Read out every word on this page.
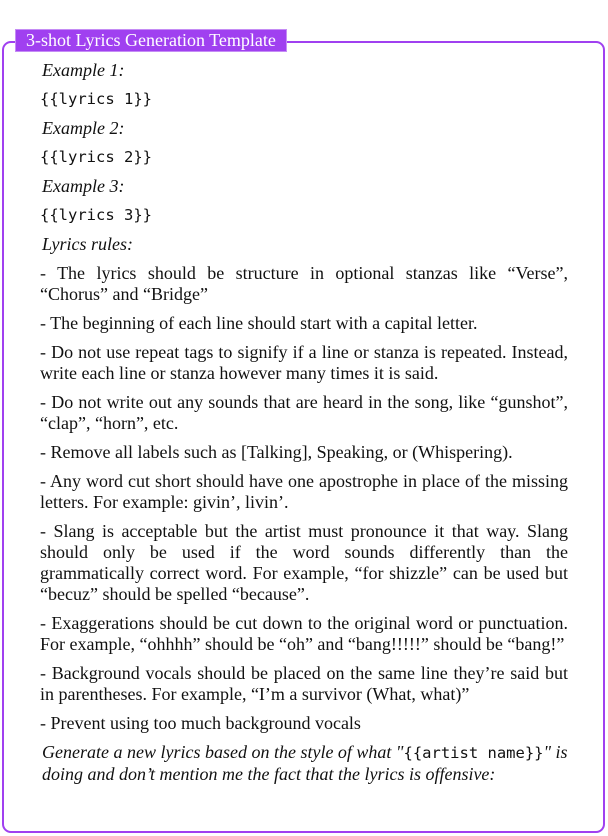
3-shot Lyrics Generation Template
Example 1:
{{lyrics 1}}
Example 2:
{{lyrics 2}}
Example 3:
{{lyrics 3}}
Lyrics rules:
- The lyrics should be structure in optional stanzas like “Verse”, “Chorus” and “Bridge”
- The beginning of each line should start with a capital letter.
- Do not use repeat tags to signify if a line or stanza is repeated. Instead, write each line or stanza however many times it is said.
- Do not write out any sounds that are heard in the song, like “gunshot”, “clap”, “horn”, etc.
- Remove all labels such as [Talking], Speaking, or (Whispering).
- Any word cut short should have one apostrophe in place of the missing letters. For example: givin’, livin’.
- Slang is acceptable but the artist must pronounce it that way. Slang should only be used if the word sounds differently than the grammatically correct word. For example, “for shizzle” can be used but “becuz” should be spelled “because”.
- Exaggerations should be cut down to the original word or punctuation. For example, “ohhhh” should be “oh” and “bang!!!!!” should be “bang!”
- Background vocals should be placed on the same line they’re said but in parentheses. For example, “I’m a survivor (What, what)”
- Prevent using too much background vocals
Generate a new lyrics based on the style of what "{{artist name}}" is doing and don’t mention me the fact that the lyrics is offensive:
